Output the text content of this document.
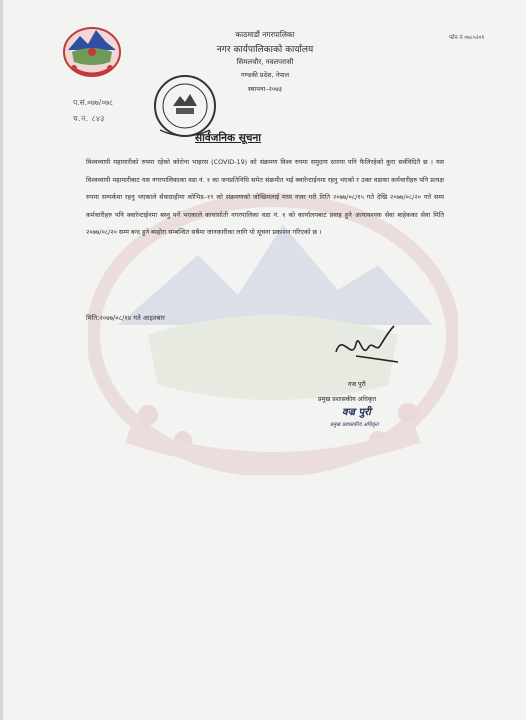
काठमाडौं नगरपालिका
नगर कार्यपालिकाको कार्यालय
सिमलचौर, नवलपरासी
गण्डकी प्रदेश, नेपाल
स्थापना–२०७३
फोन नं ०७८५२०१
प.सं.०७७/०७८
च.न. ८४३
सार्वजनिक सूचना
विश्वव्यापी महामारीको रुपमा रहेको कोरोना भाइरस (COVID-19) को संक्रमण विश्व रुपमा समुदाय स्तरमा पनि फैलिरहेको कुरा सर्वविदितै छ । यस विश्वव्यापी महामारीबाट यस नगरपालिकाका वडा नं. १ का जनप्रतिनिधि समेत संक्रमीत भई क्वारेन्टाईनमा रहनु भएको र उक्त वडाका कर्मचारीहरु पनि प्रत्यक्ष रुपमा सम्पर्कमा रहनु भएकाले सेवाग्राहीमा कोभिड–१९ को संक्रमणको जोखिमलाई मध्य नजर गरी मिति २०७७/०८/१५ गते देखि २०७७/०८/२० गते सम्म कर्मचारीहरु पनि क्वारेन्टाईनमा बस्नु पर्ने भएकाले कावासोती नगरपालिका वडा नं. १ को कार्यालयबाट प्रवाह हुने अत्यावश्यक सेवा बाहेकका सेवा मिति २०७७/०८/२० सम्म बन्द हुने ब्यहोरा सम्बन्धित सबैमा जानकारीका लागि यो सूचना प्रकाशन गरिएको छ ।
मिति:२०७७/०८/१४ गते आइतबार
वज्र पुरी
प्रमुख प्रशासकीय अधिकृत
वज्र पुरी
प्रमुख प्रशासकीय अधिकृत
